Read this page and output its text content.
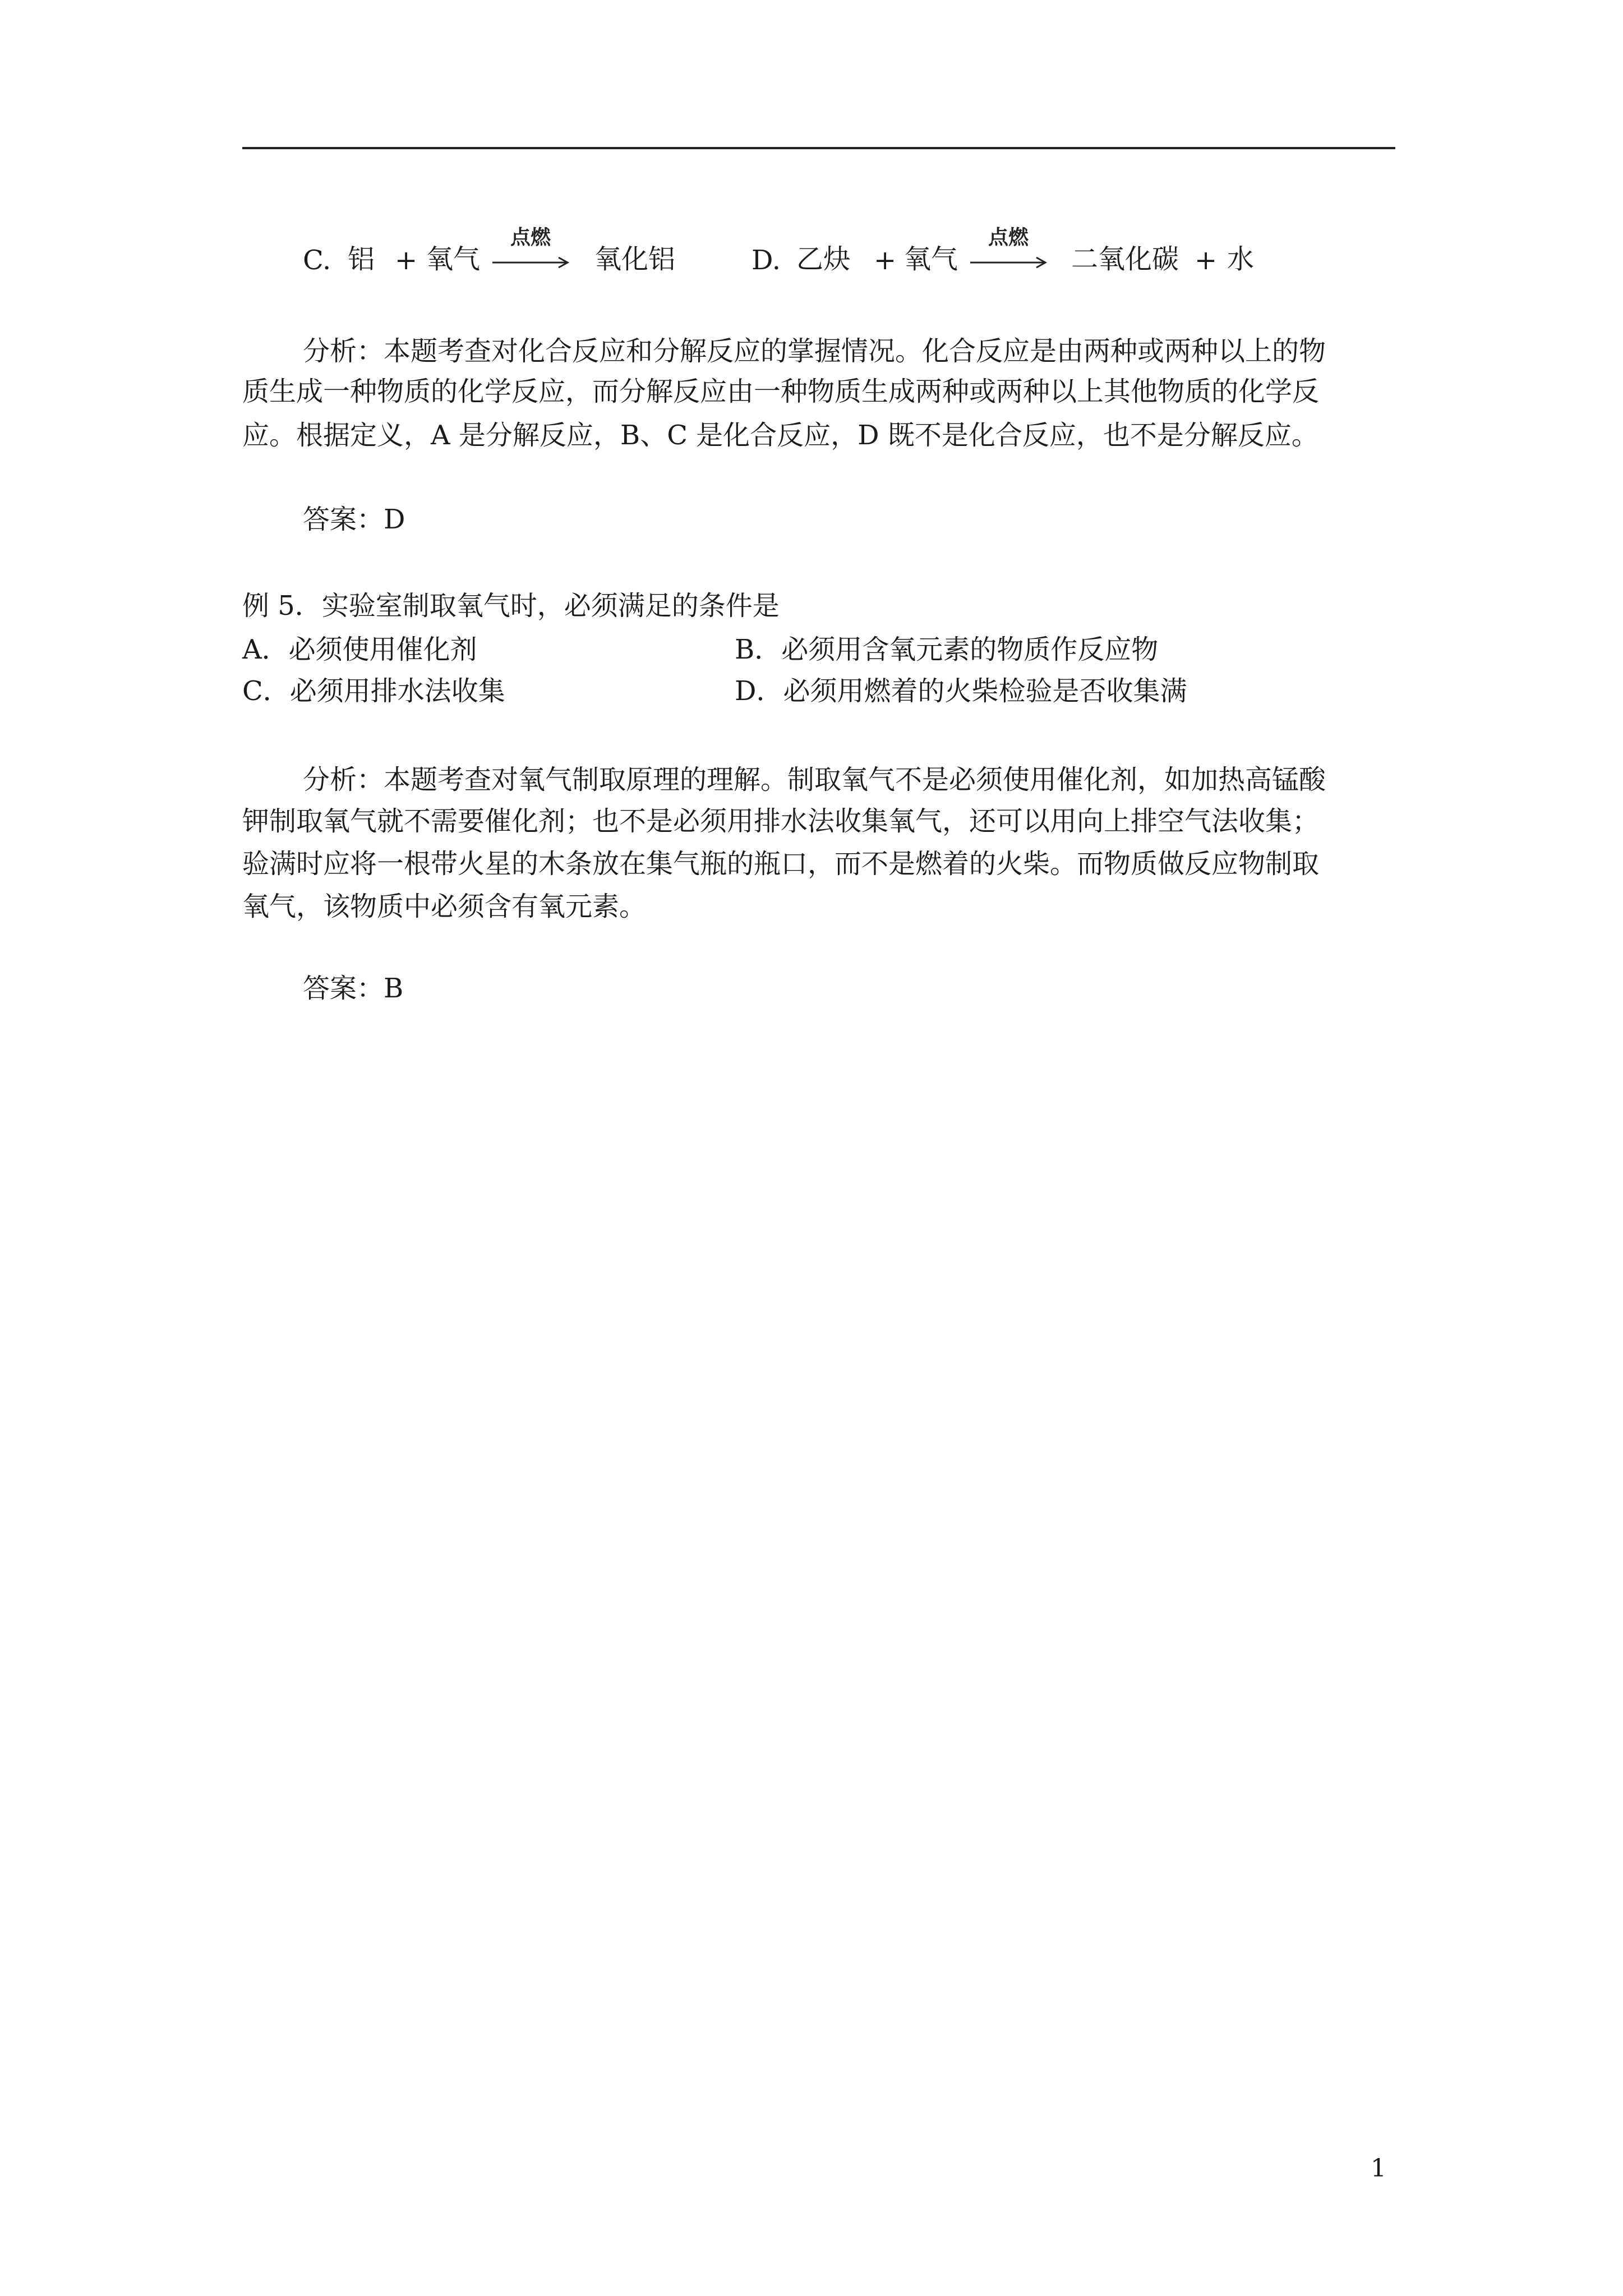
C. 铝 + 氧气
点燃
氧化铝	D. 乙炔 + 氧气
点燃
二氧化碳 + 水
分析：本题考查对化合反应和分解反应的掌握情况。化合反应是由两种或两种以上的物
质生成一种物质的化学反应，而分解反应由一种物质生成两种或两种以上其他物质的化学反
应。根据定义，A 是分解反应，B、C 是化合反应，D 既不是化合反应，也不是分解反应。
答案：D
例 5．实验室制取氧气时，必须满足的条件是
A．必须使用催化剂	B．必须用含氧元素的物质作反应物
C．必须用排水法收集	D．必须用燃着的火柴检验是否收集满
分析：本题考查对氧气制取原理的理解。制取氧气不是必须使用催化剂，如加热高锰酸
钾制取氧气就不需要催化剂；也不是必须用排水法收集氧气，还可以用向上排空气法收集；
验满时应将一根带火星的木条放在集气瓶的瓶口，而不是燃着的火柴。而物质做反应物制取
氧气，该物质中必须含有氧元素。
答案：B
1
